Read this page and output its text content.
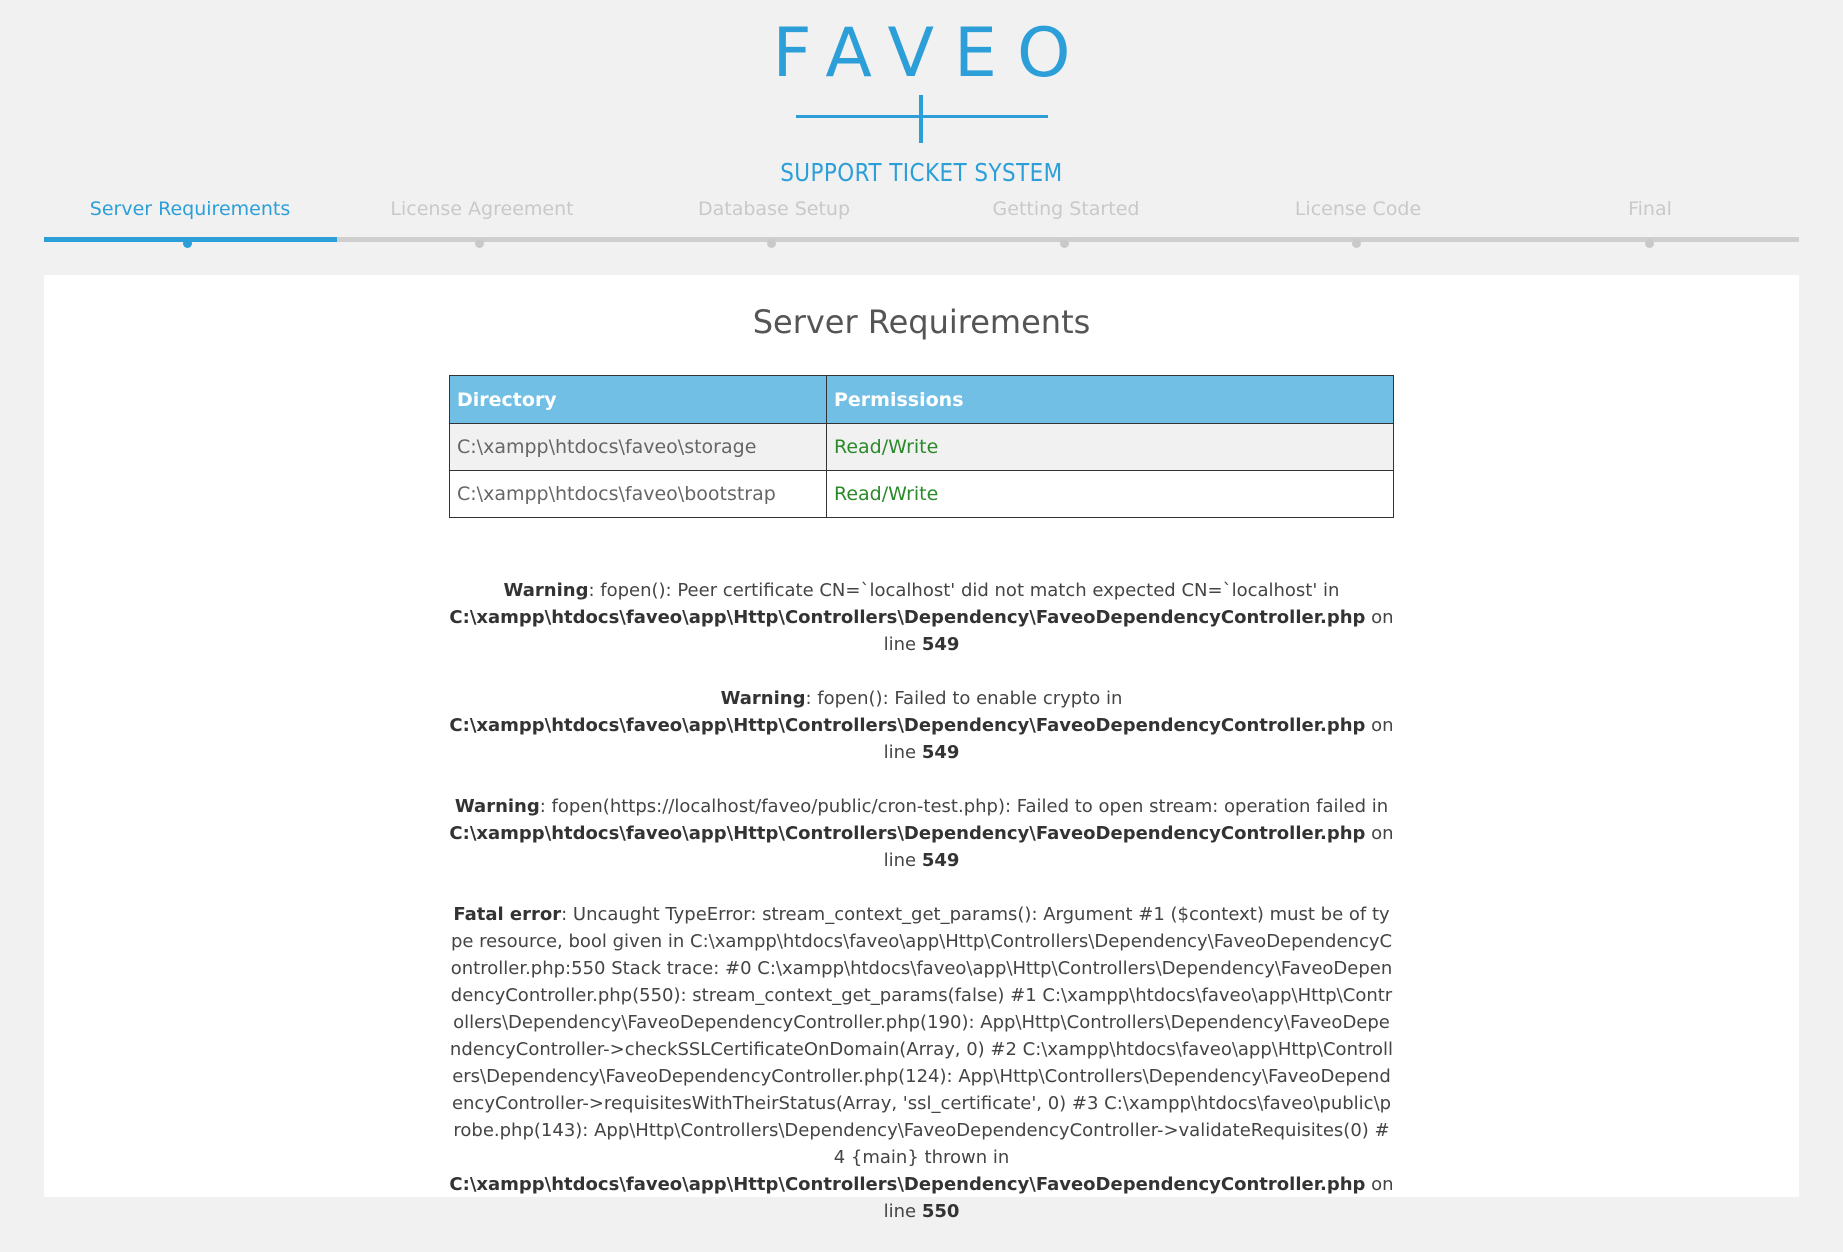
FAVEO
SUPPORT TICKET SYSTEM
Server Requirements	License Agreement	Database Setup	Getting Started	License Code	Final
Server Requirements
Directory	Permissions
C:\xampp\htdocs\faveo\storage	Read/Write
C:\xampp\htdocs\faveo\bootstrap	Read/Write
Warning: fopen(): Peer certificate CN=`localhost' did not match expected CN=`localhost' in
C:\xampp\htdocs\faveo\app\Http\Controllers\Dependency\FaveoDependencyController.php on line 549
Warning: fopen(): Failed to enable crypto in
C:\xampp\htdocs\faveo\app\Http\Controllers\Dependency\FaveoDependencyController.php on line 549
Warning: fopen(https://localhost/faveo/public/cron-test.php): Failed to open stream: operation failed in
C:\xampp\htdocs\faveo\app\Http\Controllers\Dependency\FaveoDependencyController.php on line 549
Fatal error: Uncaught TypeError: stream_context_get_params(): Argument #1 ($context) must be of type resource, bool given in C:\xampp\htdocs\faveo\app\Http\Controllers\Dependency\FaveoDependencyController.php:550 Stack trace: #0 C:\xampp\htdocs\faveo\app\Http\Controllers\Dependency\FaveoDependencyController.php(550): stream_context_get_params(false) #1 C:\xampp\htdocs\faveo\app\Http\Controllers\Dependency\FaveoDependencyController.php(190): App\Http\Controllers\Dependency\FaveoDependencyController->checkSSLCertificateOnDomain(Array, 0) #2 C:\xampp\htdocs\faveo\app\Http\Controllers\Dependency\FaveoDependencyController.php(124): App\Http\Controllers\Dependency\FaveoDependencyController->requisitesWithTheirStatus(Array, 'ssl_certificate', 0) #3 C:\xampp\htdocs\faveo\public\probe.php(143): App\Http\Controllers\Dependency\FaveoDependencyController->validateRequisites(0) #4 {main} thrown in
C:\xampp\htdocs\faveo\app\Http\Controllers\Dependency\FaveoDependencyController.php on line 550
